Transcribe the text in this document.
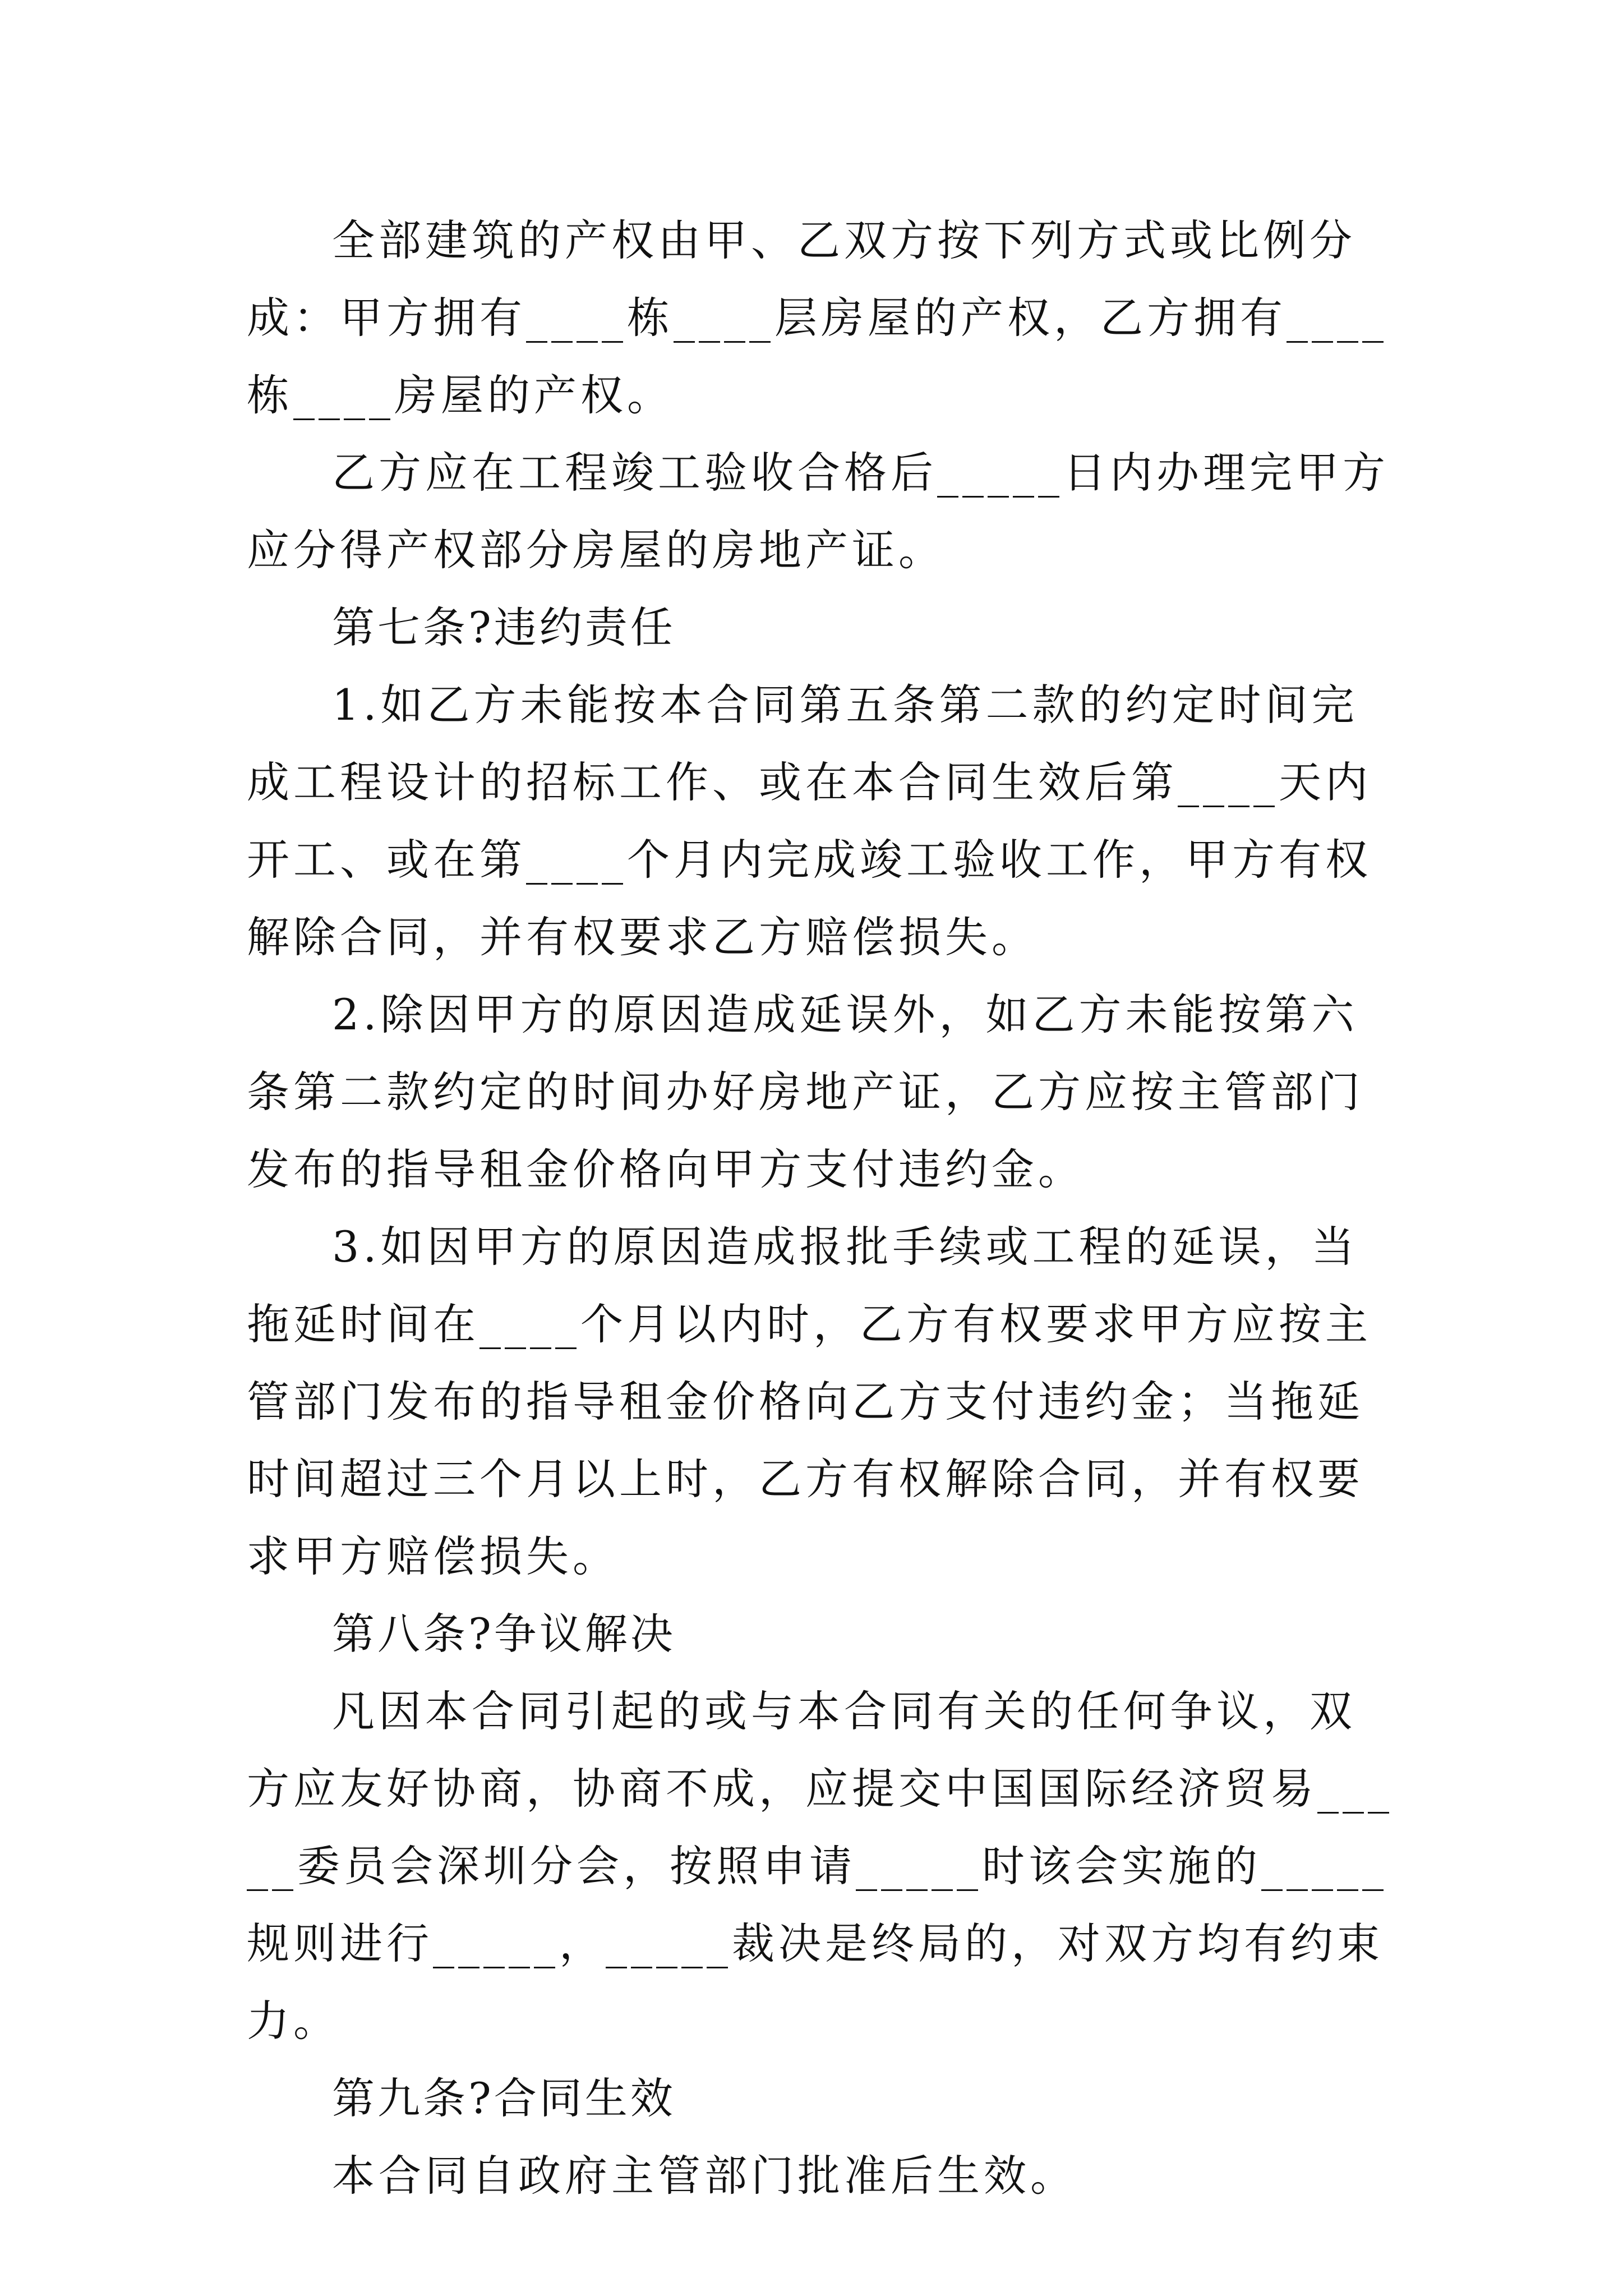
全部建筑的产权由甲、乙双方按下列方式或比例分成：甲方拥有____栋____层房屋的产权，乙方拥有____栋____房屋的产权。

乙方应在工程竣工验收合格后_____日内办理完甲方应分得产权部分房屋的房地产证。

第七条?违约责任

1.如乙方未能按本合同第五条第二款的约定时间完成工程设计的招标工作、或在本合同生效后第____天内开工、或在第____个月内完成竣工验收工作，甲方有权解除合同，并有权要求乙方赔偿损失。

2.除因甲方的原因造成延误外，如乙方未能按第六条第二款约定的时间办好房地产证，乙方应按主管部门发布的指导租金价格向甲方支付违约金。

3.如因甲方的原因造成报批手续或工程的延误，当拖延时间在____个月以内时，乙方有权要求甲方应按主管部门发布的指导租金价格向乙方支付违约金；当拖延时间超过三个月以上时，乙方有权解除合同，并有权要求甲方赔偿损失。

第八条?争议解决

凡因本合同引起的或与本合同有关的任何争议，双方应友好协商，协商不成，应提交中国国际经济贸易_____委员会深圳分会，按照申请_____时该会实施的_____规则进行_____，_____裁决是终局的，对双方均有约束力。

第九条?合同生效

本合同自政府主管部门批准后生效。
